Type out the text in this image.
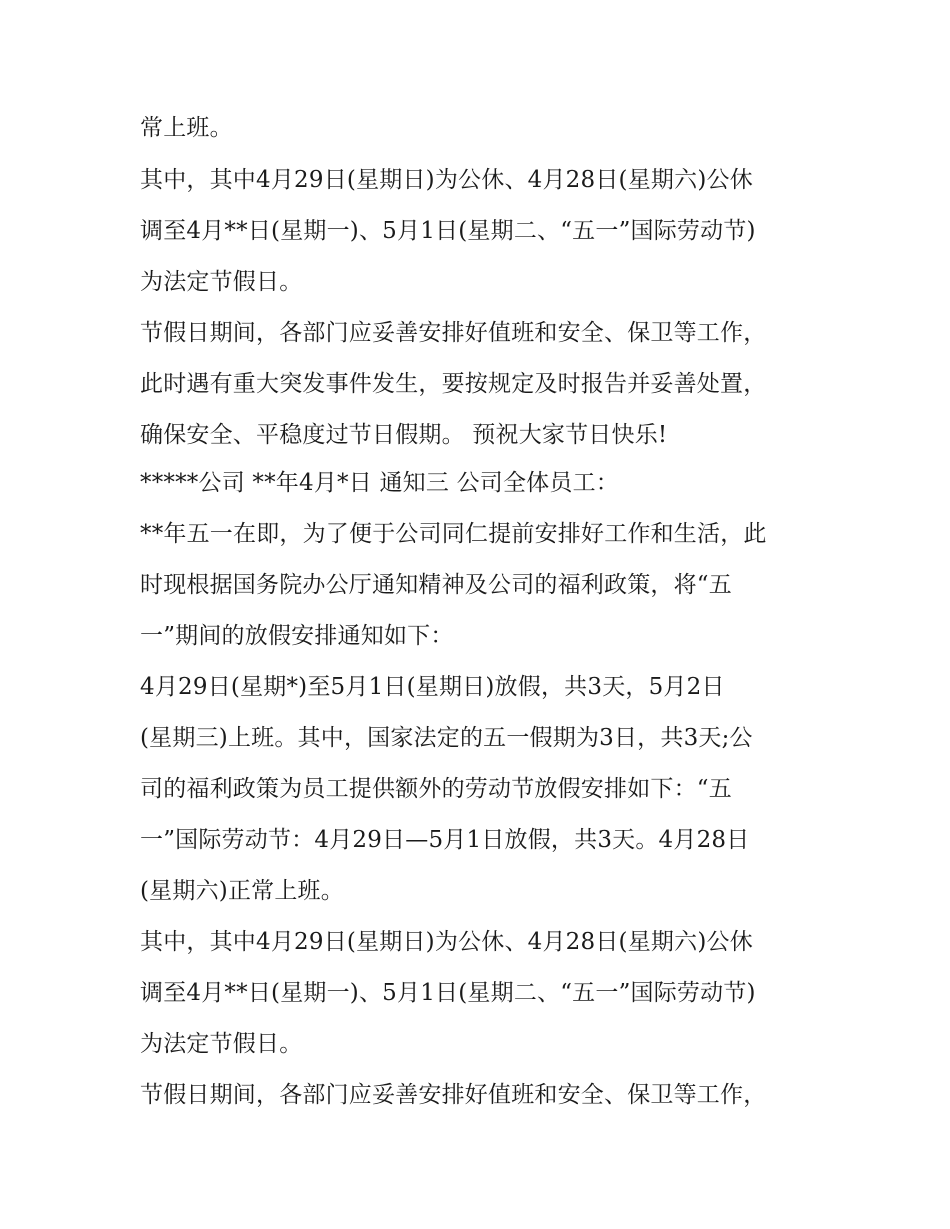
常上班。
其中，其中4月29日(星期日)为公休、4月28日(星期六)公休
调至4月**日(星期一)、5月1日(星期二、“五一”国际劳动节)
为法定节假日。
节假日期间，各部门应妥善安排好值班和安全、保卫等工作，
此时遇有重大突发事件发生，要按规定及时报告并妥善处置，
确保安全、平稳度过节日假期。 预祝大家节日快乐!
*****公司 **年4月*日 通知三 公司全体员工：
**年五一在即，为了便于公司同仁提前安排好工作和生活，此
时现根据国务院办公厅通知精神及公司的福利政策，将“五
一”期间的放假安排通知如下：
4月29日(星期*)至5月1日(星期日)放假，共3天，5月2日
(星期三)上班。其中，国家法定的五一假期为3日，共3天;公
司的福利政策为员工提供额外的劳动节放假安排如下：“五
一”国际劳动节：4月29日—5月1日放假，共3天。4月28日
(星期六)正常上班。
其中，其中4月29日(星期日)为公休、4月28日(星期六)公休
调至4月**日(星期一)、5月1日(星期二、“五一”国际劳动节)
为法定节假日。
节假日期间，各部门应妥善安排好值班和安全、保卫等工作，
